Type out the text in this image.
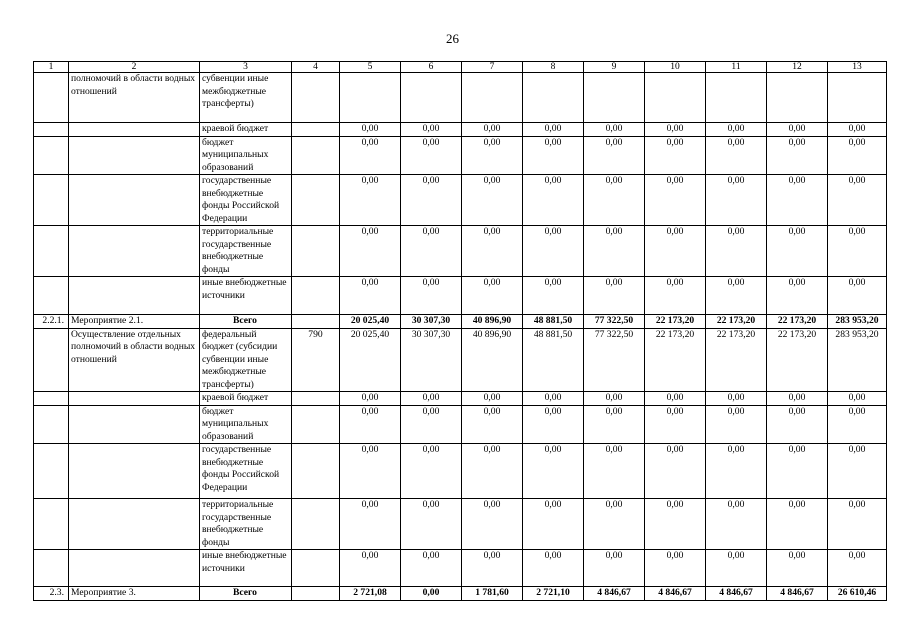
26
1	2	3	4	5	6	7	8	9	10	11	12	13
	полномочий в области водных отношений	субвенции иные межбюджетные трансферты)										
		краевой бюджет		0,00	0,00	0,00	0,00	0,00	0,00	0,00	0,00	0,00
		бюджет муниципальных образований		0,00	0,00	0,00	0,00	0,00	0,00	0,00	0,00	0,00
		государственные внебюджетные фонды Российской Федерации		0,00	0,00	0,00	0,00	0,00	0,00	0,00	0,00	0,00
		территориальные государственные внебюджетные фонды		0,00	0,00	0,00	0,00	0,00	0,00	0,00	0,00	0,00
		иные внебюджетные источники		0,00	0,00	0,00	0,00	0,00	0,00	0,00	0,00	0,00
2.2.1.	Мероприятие 2.1.	Всего		20 025,40	30 307,30	40 896,90	48 881,50	77 322,50	22 173,20	22 173,20	22 173,20	283 953,20
	Осуществление отдельных полномочий в области водных отношений	федеральный бюджет (субсидии субвенции иные межбюджетные трансферты)	790	20 025,40	30 307,30	40 896,90	48 881,50	77 322,50	22 173,20	22 173,20	22 173,20	283 953,20
		краевой бюджет		0,00	0,00	0,00	0,00	0,00	0,00	0,00	0,00	0,00
		бюджет муниципальных образований		0,00	0,00	0,00	0,00	0,00	0,00	0,00	0,00	0,00
		государственные внебюджетные фонды Российской Федерации		0,00	0,00	0,00	0,00	0,00	0,00	0,00	0,00	0,00
		территориальные государственные внебюджетные фонды		0,00	0,00	0,00	0,00	0,00	0,00	0,00	0,00	0,00
		иные внебюджетные источники		0,00	0,00	0,00	0,00	0,00	0,00	0,00	0,00	0,00
2.3.	Мероприятие 3.	Всего		2 721,08	0,00	1 781,60	2 721,10	4 846,67	4 846,67	4 846,67	4 846,67	26 610,46
